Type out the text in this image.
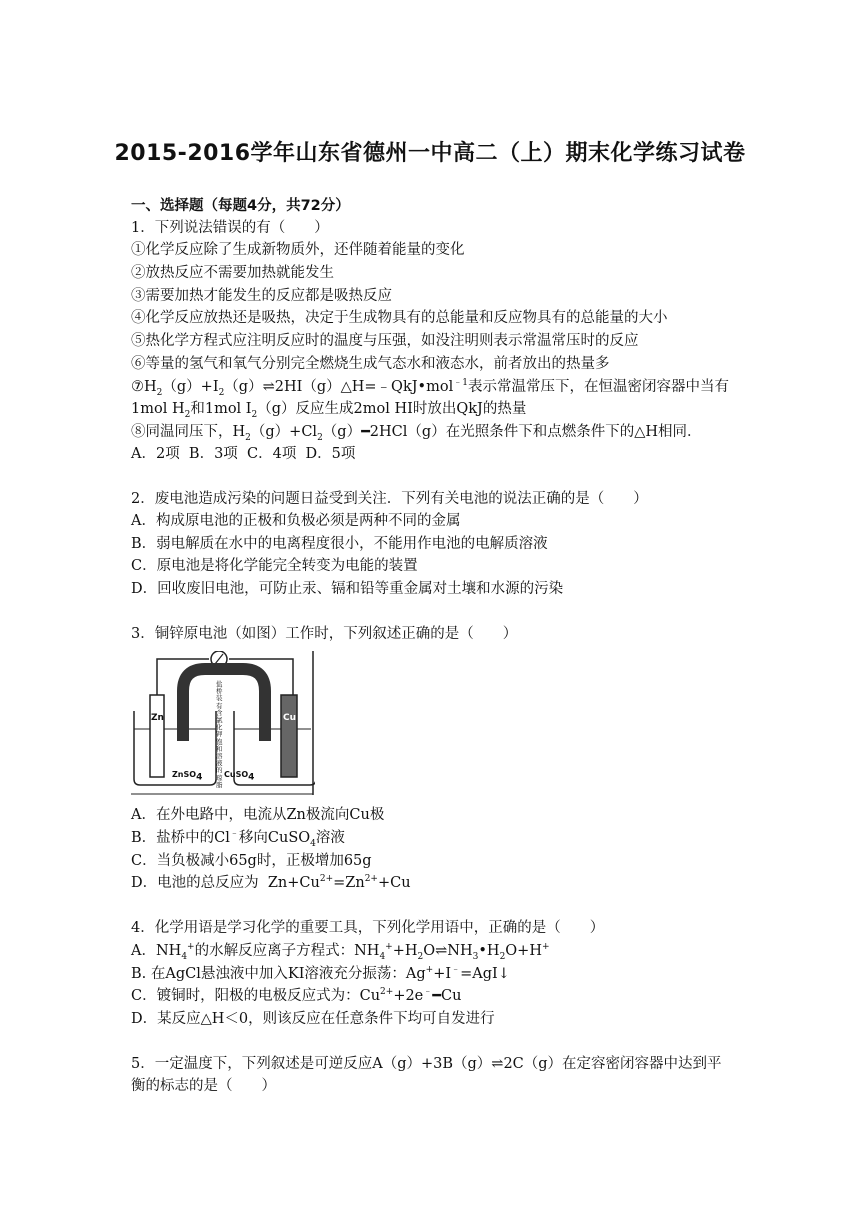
2015-2016学年山东省德州一中高二（上）期末化学练习试卷
一、选择题（每题4分，共72分）
1．下列说法错误的有（　　）
①化学反应除了生成新物质外，还伴随着能量的变化
②放热反应不需要加热就能发生
③需要加热才能发生的反应都是吸热反应
④化学反应放热还是吸热，决定于生成物具有的总能量和反应物具有的总能量的大小
⑤热化学方程式应注明反应时的温度与压强，如没注明则表示常温常压时的反应
⑥等量的氢气和氧气分别完全燃烧生成气态水和液态水，前者放出的热量多
$⑦H_2(g)+I_2(g)\rightleftharpoons 2HI(g)\triangle H=﹣QkJ•mol^{﹣1}$表示常温常压下，在恒温密闭容器中当有
1mol $H_2$和1mol $I_2(g)$反应生成2mol HI时放出QkJ的热量
⑧同温同压下，$H_2(g)+Cl_2(g)━2HCl(g)$在光照条件下和点燃条件下的△H相同．
A．2项  B．3项  C．4项  D．5项
2．废电池造成污染的问题日益受到关注．下列有关电池的说法正确的是（　　）
A．构成原电池的正极和负极必须是两种不同的金属
B．弱电解质在水中的电离程度很小，不能用作电池的电解质溶液
C．原电池是将化学能完全转变为电能的装置
D．回收废旧电池，可防止汞、镉和铅等重金属对土壤和水源的污染
3．铜锌原电池（如图）工作时，下列叙述正确的是（　　）
Zn	Cu
ZnSO$_4$	CuSO$_4$
盐桥装有含氯化钾饱和溶液的琼脂
A．在外电路中，电流从Zn极流向Cu极
B．盐桥中的Cl﹣移向CuSO$_4$溶液
C．当负极减小65g时，正极增加65g
D．电池的总反应为  $Zn+Cu^{2+}=Zn^{2+}+Cu$
4．化学用语是学习化学的重要工具，下列化学用语中，正确的是（　　）
A．$NH_4^+$的水解反应离子方程式：$NH_4^++H_2O\rightleftharpoons NH_3•H_2O+H^+$
B. 在AgCl悬浊液中加入KI溶液充分振荡：Ag++I﹣=AgI↓
C．镀铜时，阳极的电极反应式为：$Cu^{2+}+2e^﹣━Cu$
D．某反应△H＜0，则该反应在任意条件下均可自发进行
5．一定温度下，下列叙述是可逆反应A（g）+3B（g）⇌2C（g）在定容密闭容器中达到平
衡的标志的是（　　）
